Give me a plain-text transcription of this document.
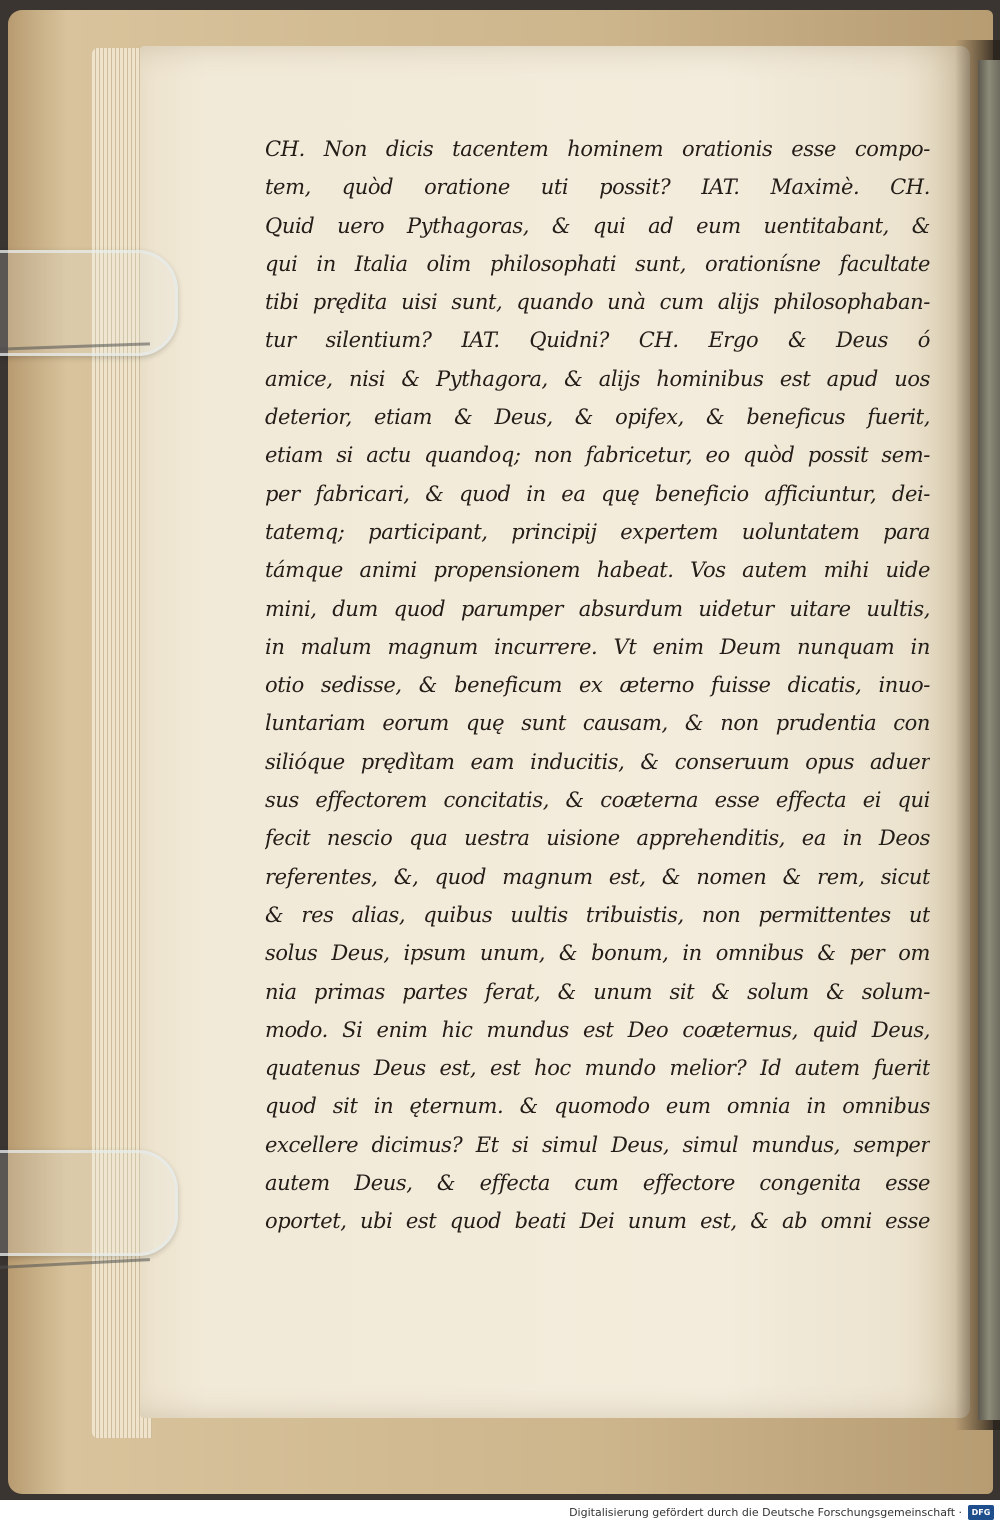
CH. Non dicis tacentem hominem orationis esse compo-
tem, quòd oratione uti possit? IAT. Maximè. CH.
Quid uero Pythagoras, & qui ad eum uentitabant, &
qui in Italia olim philosophati sunt, orationísne facultate
tibi prędita uisi sunt, quando unà cum alijs philosophaban-
tur silentium? IAT. Quidni? CH. Ergo & Deus ó
amice, nisi & Pythagora, & alijs hominibus est apud uos
deterior, etiam & Deus, & opifex, & beneficus fuerit,
etiam si actu quandoq; non fabricetur, eo quòd possit sem-
per fabricari, & quod in ea quę beneficio afficiuntur, dei-
tatemq; participant, principij expertem uoluntatem para
támque animi propensionem habeat. Vos autem mihi uide
mini, dum quod parumper absurdum uidetur uitare uultis,
in malum magnum incurrere. Vt enim Deum nunquam in
otio sedisse, & beneficum ex æterno fuisse dicatis, inuo-
luntariam eorum quę sunt causam, & non prudentia con
silióque prędìtam eam inducitis, & conseruum opus aduer
sus effectorem concitatis, & coæterna esse effecta ei qui
fecit nescio qua uestra uisione apprehenditis, ea in Deos
referentes, &, quod magnum est, & nomen & rem, sicut
& res alias, quibus uultis tribuistis, non permittentes ut
solus Deus, ipsum unum, & bonum, in omnibus & per om
nia primas partes ferat, & unum sit & solum & solum-
modo. Si enim hic mundus est Deo coæternus, quid Deus,
quatenus Deus est, est hoc mundo melior? Id autem fuerit
quod sit in ęternum. & quomodo eum omnia in omnibus
excellere dicimus? Et si simul Deus, simul mundus, semper
autem Deus, & effecta cum effectore congenita esse
oportet, ubi est quod beati Dei unum est, & ab omni esse
Digitalisierung gefördert durch die Deutsche Forschungsgemeinschaft ·	DFG
